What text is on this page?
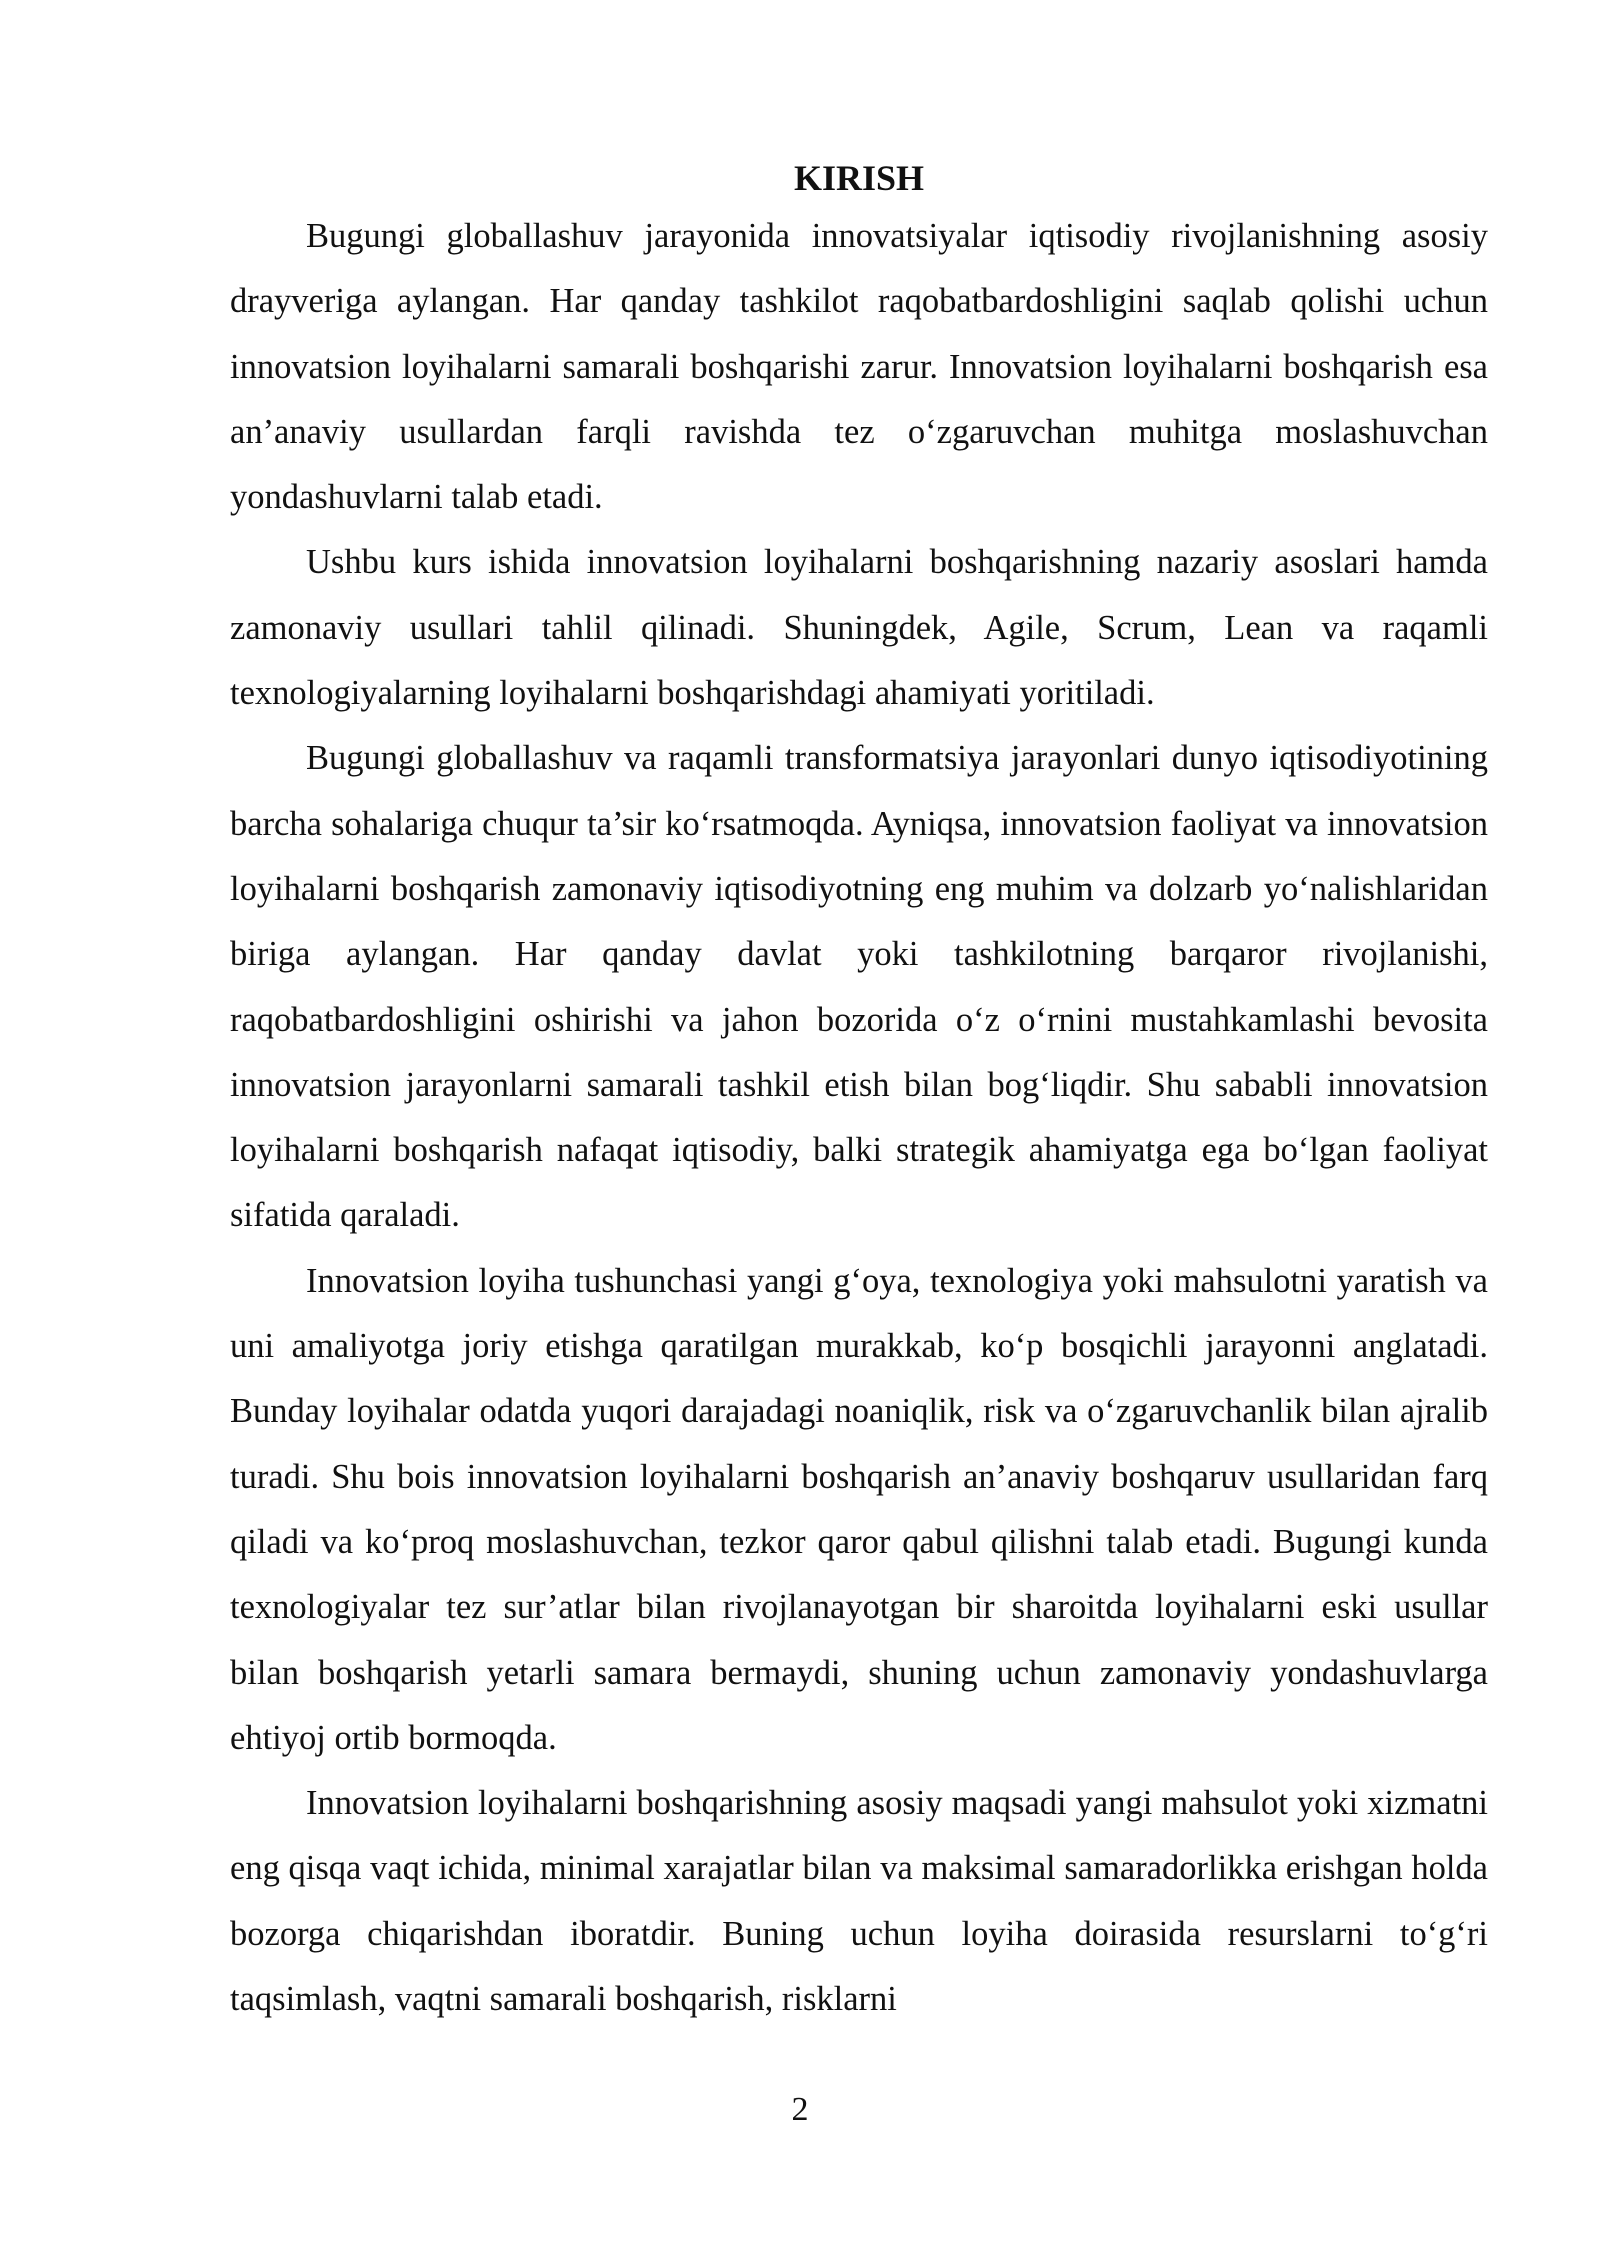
KIRISH

Bugungi globallashuv jarayonida innovatsiyalar iqtisodiy rivojlanishning asosiy drayveriga aylangan. Har qanday tashkilot raqobatbardoshligini saqlab qolishi uchun innovatsion loyihalarni samarali boshqarishi zarur. Innovatsion loyihalarni boshqarish esa an’anaviy usullardan farqli ravishda tez o‘zgaruvchan muhitga moslashuvchan yondashuvlarni talab etadi.

Ushbu kurs ishida innovatsion loyihalarni boshqarishning nazariy asoslari hamda zamonaviy usullari tahlil qilinadi. Shuningdek, Agile, Scrum, Lean va raqamli texnologiyalarning loyihalarni boshqarishdagi ahamiyati yoritiladi.

Bugungi globallashuv va raqamli transformatsiya jarayonlari dunyo iqtisodiyotining barcha sohalariga chuqur ta’sir ko‘rsatmoqda. Ayniqsa, innovatsion faoliyat va innovatsion loyihalarni boshqarish zamonaviy iqtisodiyotning eng muhim va dolzarb yo‘nalishlaridan biriga aylangan. Har qanday davlat yoki tashkilotning barqaror rivojlanishi, raqobatbardoshligini oshirishi va jahon bozorida o‘z o‘rnini mustahkamlashi bevosita innovatsion jarayonlarni samarali tashkil etish bilan bog‘liqdir. Shu sababli innovatsion loyihalarni boshqarish nafaqat iqtisodiy, balki strategik ahamiyatga ega bo‘lgan faoliyat sifatida qaraladi.

Innovatsion loyiha tushunchasi yangi g‘oya, texnologiya yoki mahsulotni yaratish va uni amaliyotga joriy etishga qaratilgan murakkab, ko‘p bosqichli jarayonni anglatadi. Bunday loyihalar odatda yuqori darajadagi noaniqlik, risk va o‘zgaruvchanlik bilan ajralib turadi. Shu bois innovatsion loyihalarni boshqarish an’anaviy boshqaruv usullaridan farq qiladi va ko‘proq moslashuvchan, tezkor qaror qabul qilishni talab etadi. Bugungi kunda texnologiyalar tez sur’atlar bilan rivojlanayotgan bir sharoitda loyihalarni eski usullar bilan boshqarish yetarli samara bermaydi, shuning uchun zamonaviy yondashuvlarga ehtiyoj ortib bormoqda.

Innovatsion loyihalarni boshqarishning asosiy maqsadi yangi mahsulot yoki xizmatni eng qisqa vaqt ichida, minimal xarajatlar bilan va maksimal samaradorlikka erishgan holda bozorga chiqarishdan iboratdir. Buning uchun loyiha doirasida resurslarni to‘g‘ri taqsimlash, vaqtni samarali boshqarish, risklarni

2
